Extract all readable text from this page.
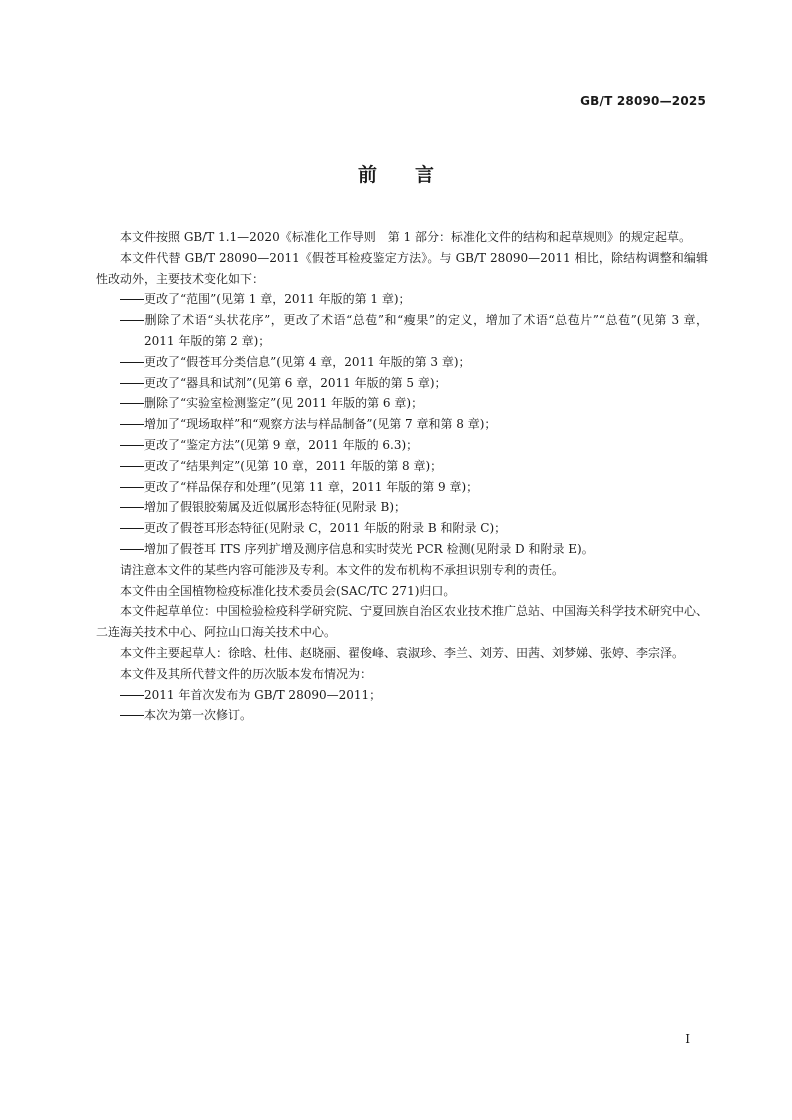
GB/T 28090—2025
前言

本文件按照 GB/T 1.1—2020《标准化工作导则　第 1 部分：标准化文件的结构和起草规则》的规定起草。

本文件代替 GB/T 28090—2011《假苍耳检疫鉴定方法》。与 GB/T 28090—2011 相比，除结构调整和编辑性改动外，主要技术变化如下：

更改了“范围”(见第 1 章，2011 年版的第 1 章)；

删除了术语“头状花序”，更改了术语“总苞”和“瘦果”的定义，增加了术语“总苞片”“总苞”(见第 3 章，2011 年版的第 2 章)；

更改了“假苍耳分类信息”(见第 4 章，2011 年版的第 3 章)；

更改了“器具和试剂”(见第 6 章，2011 年版的第 5 章)；

删除了“实验室检测鉴定”(见 2011 年版的第 6 章)；

增加了“现场取样”和“观察方法与样品制备”(见第 7 章和第 8 章)；

更改了“鉴定方法”(见第 9 章，2011 年版的 6.3)；

更改了“结果判定”(见第 10 章，2011 年版的第 8 章)；

更改了“样品保存和处理”(见第 11 章，2011 年版的第 9 章)；

增加了假银胶菊属及近似属形态特征(见附录 B)；

更改了假苍耳形态特征(见附录 C，2011 年版的附录 B 和附录 C)；

增加了假苍耳 ITS 序列扩增及测序信息和实时荧光 PCR 检测(见附录 D 和附录 E)。

请注意本文件的某些内容可能涉及专利。本文件的发布机构不承担识别专利的责任。

本文件由全国植物检疫标准化技术委员会(SAC/TC 271)归口。

本文件起草单位：中国检验检疫科学研究院、宁夏回族自治区农业技术推广总站、中国海关科学技术研究中心、二连海关技术中心、阿拉山口海关技术中心。

本文件主要起草人：徐晗、杜伟、赵晓丽、翟俊峰、袁淑珍、李兰、刘芳、田茜、刘梦娣、张婷、李宗泽。

本文件及其所代替文件的历次版本发布情况为：

2011 年首次发布为 GB/T 28090—2011；

本次为第一次修订。

I
